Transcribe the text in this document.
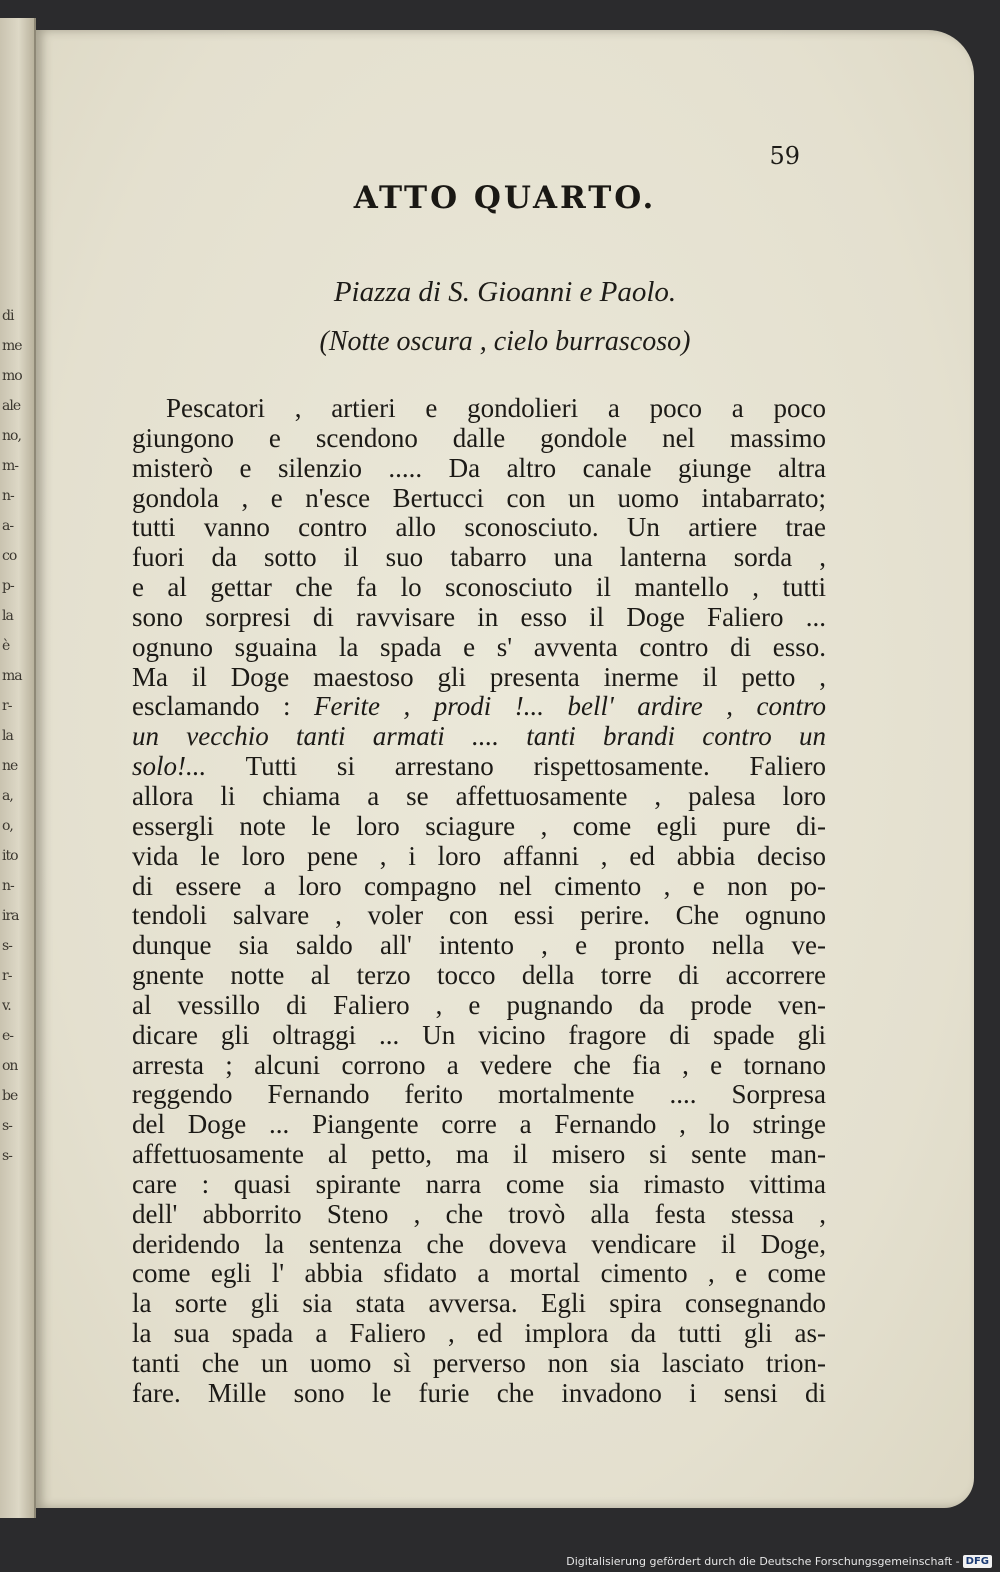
di
me
mo
ale
no,
m-
n-
a-
co
p-
la
è
ma
r-
la
ne
a,
o,
ito
n-
ira
s-
r-
v.
e-
on
be
s-
s-
59
ATTO QUARTO.
Piazza di S. Gioanni e Paolo.
(Notte oscura , cielo burrascoso)
Pescatori , artieri e gondolieri a poco a poco
giungono e scendono dalle gondole nel massimo
misterò e silenzio ..... Da altro canale giunge altra
gondola , e n'esce Bertucci con un uomo intabarrato;
tutti vanno contro allo sconosciuto. Un artiere trae
fuori da sotto il suo tabarro una lanterna sorda ,
e al gettar che fa lo sconosciuto il mantello , tutti
sono sorpresi di ravvisare in esso il Doge Faliero ...
ognuno sguaina la spada e s' avventa contro di esso.
Ma il Doge maestoso gli presenta inerme il petto ,
esclamando : Ferite , prodi !... bell' ardire , contro
un vecchio tanti armati .... tanti brandi contro un
solo!... Tutti si arrestano rispettosamente. Faliero
allora li chiama a se affettuosamente , palesa loro
essergli note le loro sciagure , come egli pure di-
vida le loro pene , i loro affanni , ed abbia deciso
di essere a loro compagno nel cimento , e non po-
tendoli salvare , voler con essi perire. Che ognuno
dunque sia saldo all' intento , e pronto nella ve-
gnente notte al terzo tocco della torre di accorrere
al vessillo di Faliero , e pugnando da prode ven-
dicare gli oltraggi ... Un vicino fragore di spade gli
arresta ; alcuni corrono a vedere che fia , e tornano
reggendo Fernando ferito mortalmente .... Sorpresa
del Doge ... Piangente corre a Fernando , lo stringe
affettuosamente al petto, ma il misero si sente man-
care : quasi spirante narra come sia rimasto vittima
dell' abborrito Steno , che trovò alla festa stessa ,
deridendo la sentenza che doveva vendicare il Doge,
come egli l' abbia sfidato a mortal cimento , e come
la sorte gli sia stata avversa. Egli spira consegnando
la sua spada a Faliero , ed implora da tutti gli as-
tanti che un uomo sì perverso non sia lasciato trion-
fare. Mille sono le furie che invadono i sensi di
Digitalisierung gefördert durch die Deutsche Forschungsgemeinschaft - DFG
